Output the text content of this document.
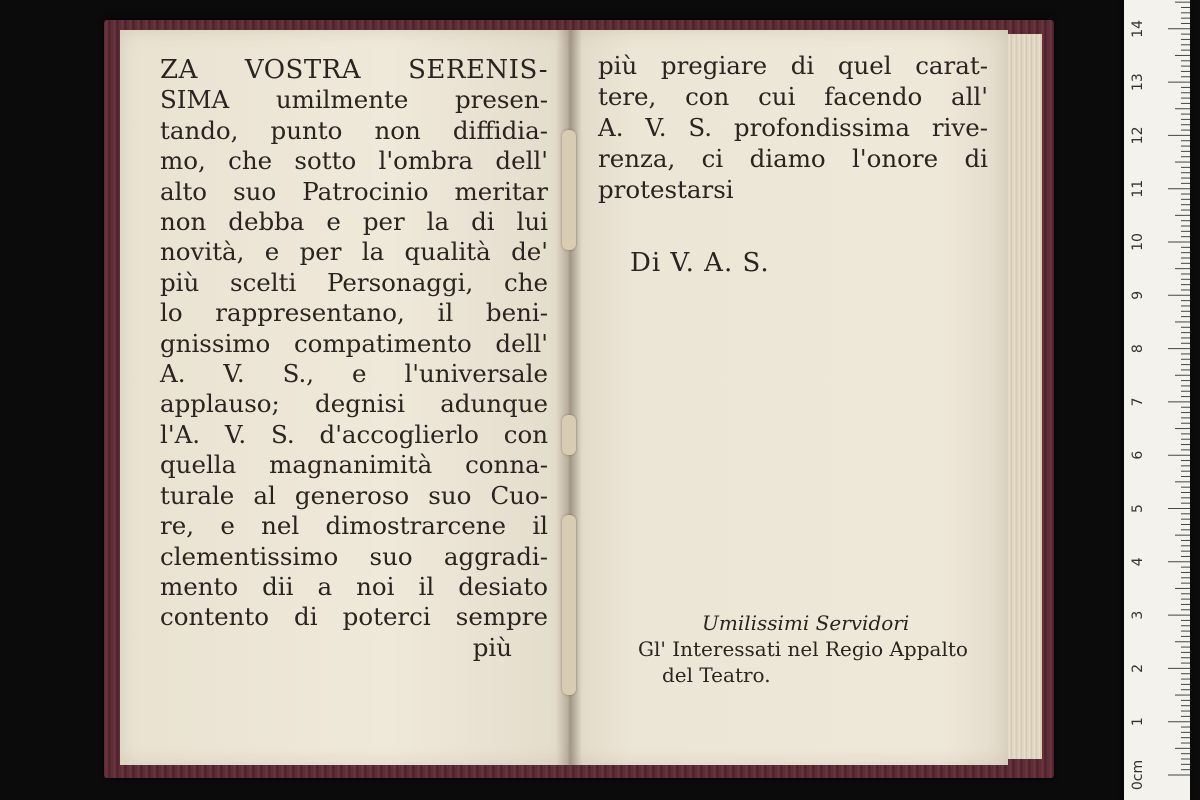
ZA VOSTRA SERENIS-
SIMA umilmente presen-
tando, punto non diffidia-
mo, che sotto l'ombra dell'
alto suo Patrocinio meritar
non debba e per la di lui
novità, e per la qualità de'
più scelti Personaggi, che
lo rappresentano, il beni-
gnissimo compatimento dell'
A. V. S., e l'universale
applauso; degnisi adunque
l'A. V. S. d'accoglierlo con
quella magnanimità conna-
turale al generoso suo Cuo-
re, e nel dimostrarcene il
clementissimo suo aggradi-
mento dii a noi il desiato
contento di poterci sempre
più
più pregiare di quel carat-
tere, con cui facendo all'
A. V. S. profondissima rive-
renza, ci diamo l'onore di
protestarsi
Di V. A. S.
Umilissimi Servidori
Gl' Interessati nel Regio Appalto
del Teatro.
0cm
1
2
3
4
5
6
7
8
9
10
11
12
13
14
